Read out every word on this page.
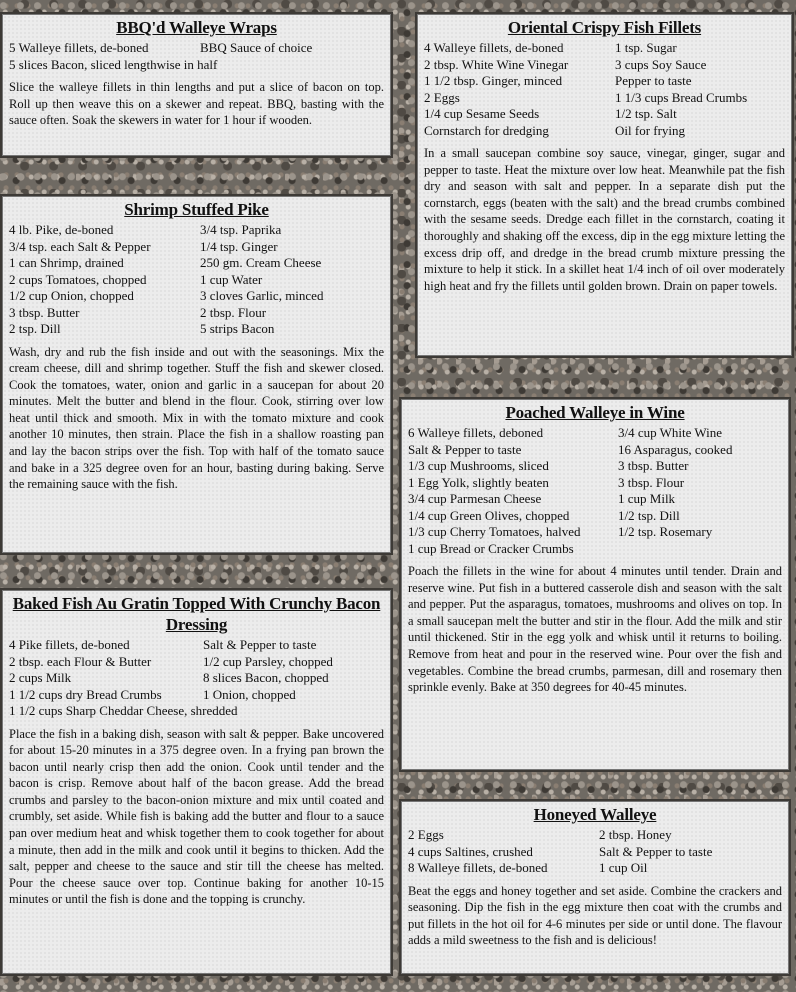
BBQ'd Walleye Wraps
5 Walleye fillets, de-boned	BBQ Sauce of choice
5 slices Bacon, sliced lengthwise in half
Slice the walleye fillets in thin lengths and put a slice of bacon on top. Roll up then weave this on a skewer and repeat. BBQ, basting with the sauce often. Soak the skewers in water for 1 hour if wooden.
Shrimp Stuffed Pike
4 lb. Pike, de-boned	3/4 tsp. Paprika
3/4 tsp. each Salt & Pepper	1/4 tsp. Ginger
1 can Shrimp, drained	250 gm. Cream Cheese
2 cups Tomatoes, chopped	1 cup Water
1/2 cup Onion, chopped	3 cloves Garlic, minced
3 tbsp. Butter	2 tbsp. Flour
2 tsp. Dill	5 strips Bacon
Wash, dry and rub the fish inside and out with the seasonings. Mix the cream cheese, dill and shrimp together. Stuff the fish and skewer closed. Cook the tomatoes, water, onion and garlic in a saucepan for about 20 minutes. Melt the butter and blend in the flour. Cook, stirring over low heat until thick and smooth. Mix in with the tomato mixture and cook another 10 minutes, then strain. Place the fish in a shallow roasting pan and lay the bacon strips over the fish. Top with half of the tomato sauce and bake in a 325 degree oven for an hour, basting during baking. Serve the remaining sauce with the fish.
Baked Fish Au Gratin Topped With Crunchy Bacon Dressing
4 Pike fillets, de-boned	Salt & Pepper to taste
2 tbsp. each Flour & Butter	1/2 cup Parsley, chopped
2 cups Milk	8 slices Bacon, chopped
1 1/2 cups dry Bread Crumbs	1 Onion, chopped
1 1/2 cups Sharp Cheddar Cheese, shredded
Place the fish in a baking dish, season with salt & pepper. Bake uncovered for about 15-20 minutes in a 375 degree oven. In a frying pan brown the bacon until nearly crisp then add the onion. Cook until tender and the bacon is crisp. Remove about half of the bacon grease. Add the bread crumbs and parsley to the bacon-onion mixture and mix until coated and crumbly, set aside. While fish is baking add the butter and flour to a sauce pan over medium heat and whisk together them to cook together for about a minute, then add in the milk and cook until it begins to thicken. Add the salt, pepper and cheese to the sauce and stir till the cheese has melted. Pour the cheese sauce over top. Continue baking for another 10-15 minutes or until the fish is done and the topping is crunchy.
Oriental Crispy Fish Fillets
4 Walleye fillets, de-boned	1 tsp. Sugar
2 tbsp. White Wine Vinegar	3 cups Soy Sauce
1 1/2 tbsp. Ginger, minced	Pepper to taste
2 Eggs	1 1/3 cups Bread Crumbs
1/4 cup Sesame Seeds	1/2 tsp. Salt
Cornstarch for dredging	Oil for frying
In a small saucepan combine soy sauce, vinegar, ginger, sugar and pepper to taste. Heat the mixture over low heat. Meanwhile pat the fish dry and season with salt and pepper. In a separate dish put the cornstarch, eggs (beaten with the salt) and the bread crumbs combined with the sesame seeds. Dredge each fillet in the cornstarch, coating it thoroughly and shaking off the excess, dip in the egg mixture letting the excess drip off, and dredge in the bread crumb mixture pressing the mixture to help it stick. In a skillet heat 1/4 inch of oil over moderately high heat and fry the fillets until golden brown. Drain on paper towels.
Poached Walleye in Wine
6 Walleye fillets, deboned	3/4 cup White Wine
Salt & Pepper to taste	16 Asparagus, cooked
1/3 cup Mushrooms, sliced	3 tbsp. Butter
1 Egg Yolk, slightly beaten	3 tbsp. Flour
3/4 cup Parmesan Cheese	1 cup Milk
1/4 cup Green Olives, chopped	1/2 tsp. Dill
1/3 cup Cherry Tomatoes, halved	1/2 tsp. Rosemary
1 cup Bread or Cracker Crumbs
Poach the fillets in the wine for about 4 minutes until tender. Drain and reserve wine. Put fish in a buttered casserole dish and season with the salt and pepper. Put the asparagus, tomatoes, mushrooms and olives on top. In a small saucepan melt the butter and stir in the flour. Add the milk and stir until thickened. Stir in the egg yolk and whisk until it returns to boiling. Remove from heat and pour in the reserved wine. Pour over the fish and vegetables. Combine the bread crumbs, parmesan, dill and rosemary then sprinkle evenly. Bake at 350 degrees for 40-45 minutes.
Honeyed Walleye
2 Eggs	2 tbsp. Honey
4 cups Saltines, crushed	Salt & Pepper to taste
8 Walleye fillets, de-boned	1 cup Oil
Beat the eggs and honey together and set aside. Combine the crackers and seasoning. Dip the fish in the egg mixture then coat with the crumbs and put fillets in the hot oil for 4-6 minutes per side or until done. The flavour adds a mild sweetness to the fish and is delicious!
